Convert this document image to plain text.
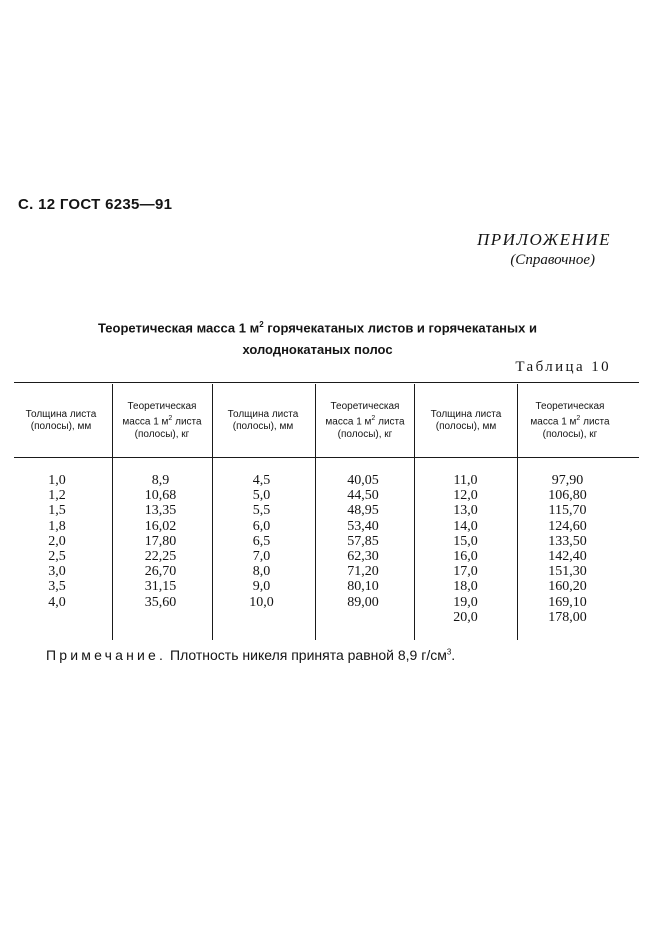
С. 12 ГОСТ 6235—91
ПРИЛОЖЕНИЕ
(Справочное)
Теоретическая масса 1 $м^2$ горячекатаных листов и горячекатаных и
холоднокатаных полос
Таблица 10
Толщина листа (полосы), мм
Теоретическая масса 1 $м^2$ листа (полосы), кг
Толщина листа (полосы), мм
Теоретическая масса 1 $м^2$ листа (полосы), кг
Толщина листа (полосы), мм
Теоретическая масса 1 $м^2$ листа (полосы), кг
1,0
1,2
1,5
1,8
2,0
2,5
3,0
3,5
4,0
8,9
10,68
13,35
16,02
17,80
22,25
26,70
31,15
35,60
4,5
5,0
5,5
6,0
6,5
7,0
8,0
9,0
10,0
40,05
44,50
48,95
53,40
57,85
62,30
71,20
80,10
89,00
11,0
12,0
13,0
14,0
15,0
16,0
17,0
18,0
19,0
20,0
97,90
106,80
115,70
124,60
133,50
142,40
151,30
160,20
169,10
178,00
Примечание. Плотность никеля принята равной 8,9 $г/см^3$.
